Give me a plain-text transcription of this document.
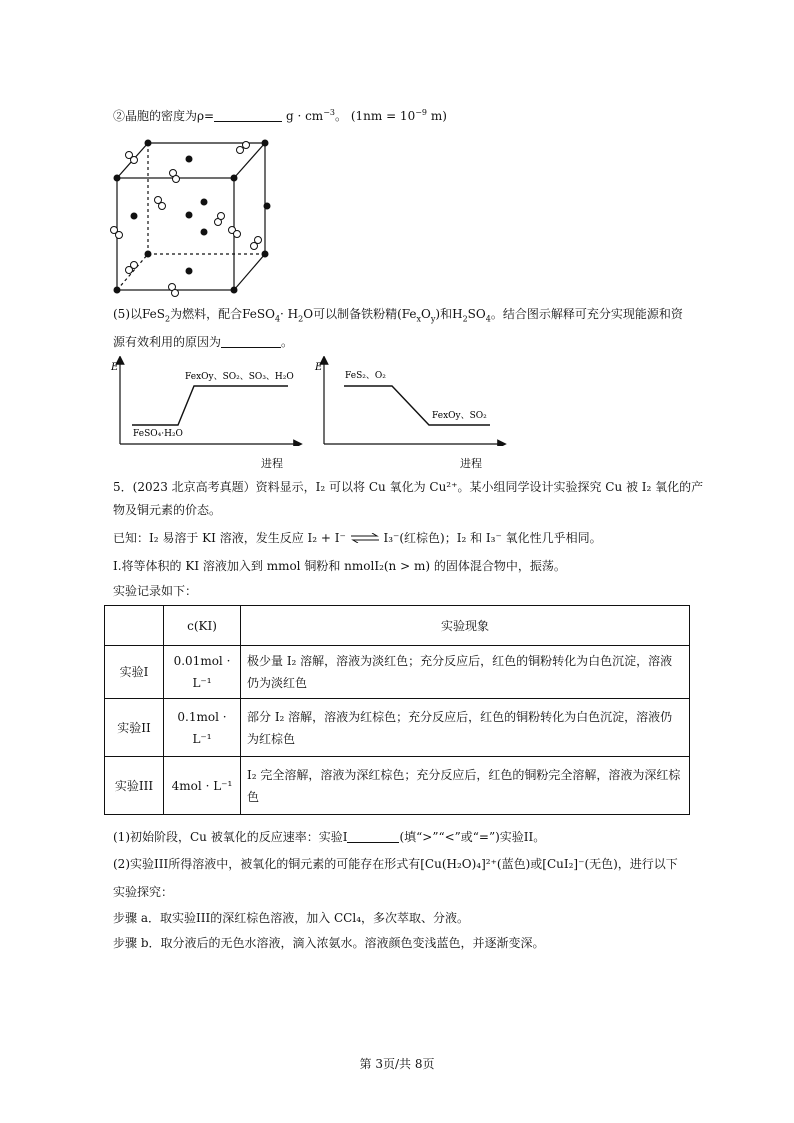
②晶胞的密度为ρ=	$g \cdot cm^{-3}$。 ($1nm = 10^{-9}$ m)
(5)以FeS$_2$为燃料，配合FeSO$_4$· $H_2O$可以制备铁粉精$(Fe_xO_y)$和$H_2SO_4$。结合图示解释可充分实现能源和资
源有效利用的原因为	。
E
FeSO₄·H₂O
FexOy、SO₂、SO₃、H₂O
进程
E
FeS₂、O₂
FexOy、SO₂
进程
5．(2023 北京高考真题）资料显示，I₂ 可以将 Cu 氧化为 Cu²⁺。某小组同学设计实验探究 Cu 被 I₂ 氧化的产
物及铜元素的价态。
已知：I₂ 易溶于 KI 溶液，发生反应 I₂ + I⁻ ⇌ I₃⁻(红棕色)；I₂ 和 I₃⁻ 氧化性几乎相同。
I.将等体积的 KI 溶液加入到 mmol 铜粉和 nmolI₂(n > m) 的固体混合物中，振荡。
实验记录如下：
	c(KI)	实验现象
实验I	0.01mol · L⁻¹	极少量 I₂ 溶解，溶液为淡红色；充分反应后，红色的铜粉转化为白色沉淀，溶液仍为淡红色
实验II	0.1mol · L⁻¹	部分 I₂ 溶解，溶液为红棕色；充分反应后，红色的铜粉转化为白色沉淀，溶液仍为红棕色
实验III	4mol · L⁻¹	I₂ 完全溶解，溶液为深红棕色；充分反应后，红色的铜粉完全溶解，溶液为深红棕色
(1)初始阶段，Cu 被氧化的反应速率：实验I	(填“>”“<”或“=”)实验II。
(2)实验III所得溶液中，被氧化的铜元素的可能存在形式有[Cu(H₂O)₄]²⁺(蓝色)或[CuI₂]⁻(无色)，进行以下
实验探究：
步骤 a．取实验III的深红棕色溶液，加入 CCl₄，多次萃取、分液。
步骤 b．取分液后的无色水溶液，滴入浓氨水。溶液颜色变浅蓝色，并逐渐变深。
第 3页/共 8页
